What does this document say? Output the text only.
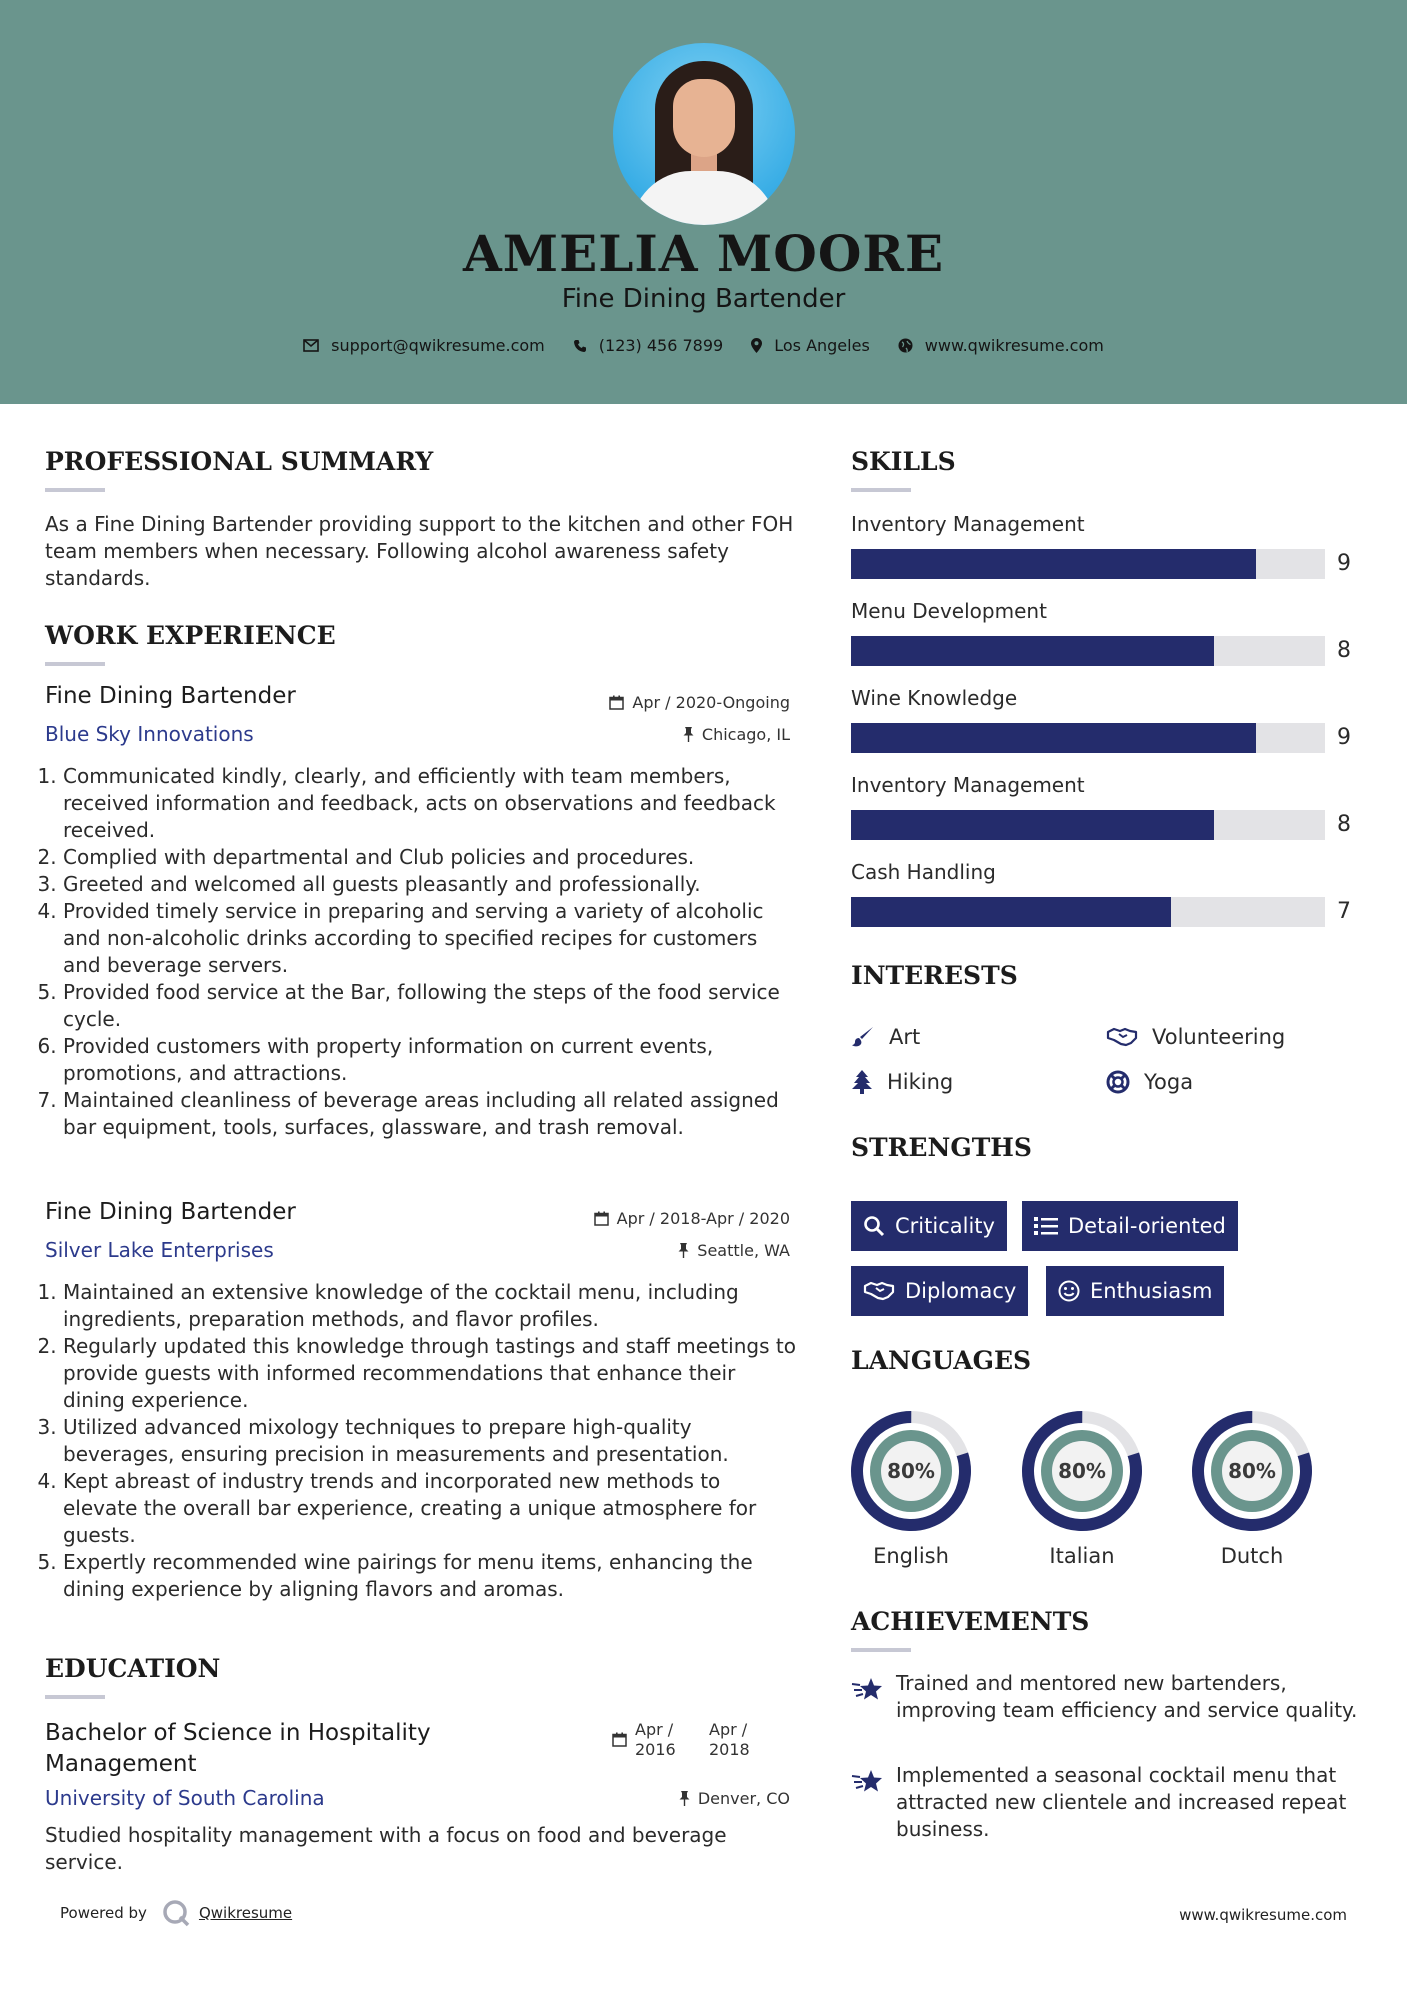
AMELIA MOORE
Fine Dining Bartender
support@qwikresume.com	(123) 456 7899	Los Angeles	www.qwikresume.com
PROFESSIONAL SUMMARY
As a Fine Dining Bartender providing support to the kitchen and other FOH team members when necessary. Following alcohol awareness safety standards.
WORK EXPERIENCE
Fine Dining Bartender
Blue Sky Innovations
Apr / 2020-Ongoing
Chicago, IL
1. Communicated kindly, clearly, and efficiently with team members, received information and feedback, acts on observations and feedback received.
2. Complied with departmental and Club policies and procedures.
3. Greeted and welcomed all guests pleasantly and professionally.
4. Provided timely service in preparing and serving a variety of alcoholic and non-alcoholic drinks according to specified recipes for customers and beverage servers.
5. Provided food service at the Bar, following the steps of the food service cycle.
6. Provided customers with property information on current events, promotions, and attractions.
7. Maintained cleanliness of beverage areas including all related assigned bar equipment, tools, surfaces, glassware, and trash removal.
Fine Dining Bartender
Silver Lake Enterprises
Apr / 2018-Apr / 2020
Seattle, WA
1. Maintained an extensive knowledge of the cocktail menu, including ingredients, preparation methods, and flavor profiles.
2. Regularly updated this knowledge through tastings and staff meetings to provide guests with informed recommendations that enhance their dining experience.
3. Utilized advanced mixology techniques to prepare high-quality beverages, ensuring precision in measurements and presentation.
4. Kept abreast of industry trends and incorporated new methods to elevate the overall bar experience, creating a unique atmosphere for guests.
5. Expertly recommended wine pairings for menu items, enhancing the dining experience by aligning flavors and aromas.
EDUCATION
Bachelor of Science in Hospitality Management
University of South Carolina
Apr / 2016
Apr / 2018
Denver, CO
Studied hospitality management with a focus on food and beverage service.
SKILLS
Inventory Management
9
Menu Development
8
Wine Knowledge
9
Inventory Management
8
Cash Handling
7
INTERESTS
Art	Volunteering
Hiking	Yoga
STRENGTHS
Criticality	Detail-oriented
Diplomacy	Enthusiasm
LANGUAGES
80%
English
80%
Italian
80%
Dutch
ACHIEVEMENTS
Trained and mentored new bartenders, improving team efficiency and service quality.
Implemented a seasonal cocktail menu that attracted new clientele and increased repeat business.
Powered by	Qwikresume	www.qwikresume.com
